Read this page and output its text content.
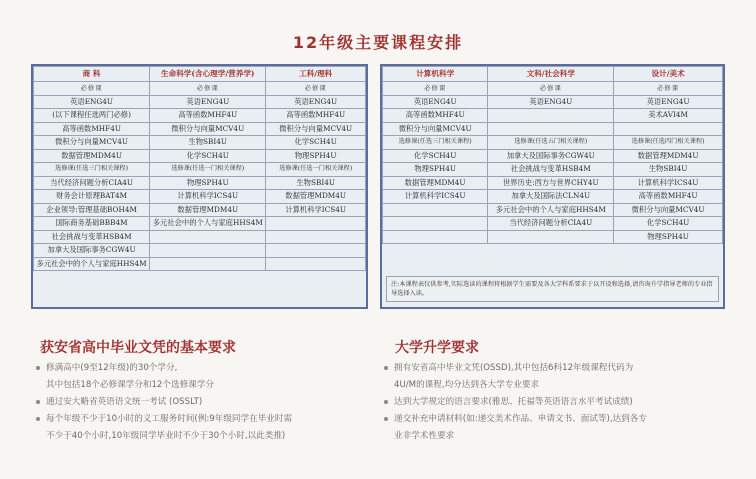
12年级主要课程安排
商 科	生命科学(含心理学/营养学)	工科/理科
必修课	必修课	必修课
英语ENG4U	英语ENG4U	英语ENG4U
(以下课程任选两门必修)	高等函数MHF4U	高等函数MHF4U
高等函数MHF4U	微积分与向量MCV4U	微积分与向量MCV4U
微积分与向量MCV4U	生物SBI4U	化学SCH4U
数据管理MDM4U	化学SCH4U	物理SPH4U
选修课(任选三门相关课程)	选修课(任选一门相关课程)	选修课(任选一门相关课程)
当代经济问题分析CIA4U	物理SPH4U	生物SBI4U
财务会计原理BAT4M	计算机科学ICS4U	数据管理MDM4U
企业领导:管理基础BOH4M	数据管理MDM4U	计算机科学ICS4U
国际商务基础BBB4M	多元社会中的个人与家庭HHS4M	
社会挑战与变革HSB4M		
加拿大及国际事务CGW4U		
多元社会中的个人与家庭HHS4M		
计算机科学	文科/社会科学	设计/美术
必修课	必修课	必修课
英语ENG4U	英语ENG4U	英语ENG4U
高等函数MHF4U		美术AVI4M
微积分与向量MCV4U		
选修课(任选三门相关课程)	选修课(任选五门相关课程)	选修课(任选四门相关课程)
化学SCH4U	加拿大及国际事务CGW4U	数据管理MDM4U
物理SPH4U	社会挑战与变革HSB4M	生物SBI4U
数据管理MDM4U	世界历史:西方与世界CHY4U	计算机科学ICS4U
计算机科学ICS4U	加拿大及国际法CLN4U	高等函数MHF4U
	多元社会中的个人与家庭HHS4M	微积分与向量MCV4U
	当代经济问题分析CIA4U	化学SCH4U
		物理SPH4U
注:本课程表仅供参考,实际选读的课程将根据学生需要及各大学科系要求于以开设和选择,请咨询升学指导老师的专业指导选择入读。
获安省高中毕业文凭的基本要求
修满高中(9至12年级)的30个学分,
其中包括18个必修课学分和12个选修课学分
通过安大略省英语语文统一考试 (OSSLT)
每个年级不少于10小时的义工服务时间(例:9年级同学在毕业时需
不少于40个小时,10年级同学毕业时不少于30个小时,以此类推)
大学升学要求
拥有安省高中毕业文凭(OSSD),其中包括6科12年级课程代码为
4U/M的课程,均分达到各大学专业要求
达到大学规定的语言要求(雅思、托福等英语语言水平考试成绩)
递交补充申请材料(如:递交美术作品、申请文书、面试等),达到各专
业非学术性要求
